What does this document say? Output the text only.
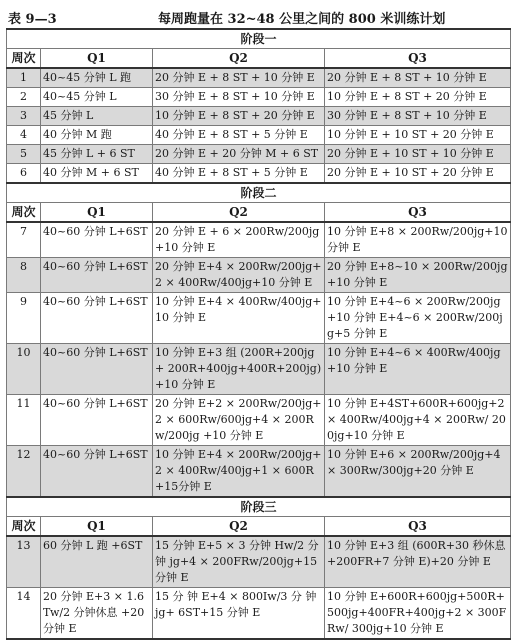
表 9—3	每周跑量在 32~48 公里之间的 800 米训练计划
阶段一			
周次	Q1	Q2	Q3
1	40~45 分钟 L 跑	20 分钟 E + 8 ST + 10 分钟 E	20 分钟 E + 8 ST + 10 分钟 E
2	40~45 分钟 L	30 分钟 E + 8 ST + 10 分钟 E	10 分钟 E + 8 ST + 20 分钟 E
3	45 分钟 L	10 分钟 E + 8 ST + 20 分钟 E	30 分钟 E + 8 ST + 10 分钟 E
4	40 分钟 M 跑	40 分钟 E + 8 ST + 5 分钟 E	10 分钟 E + 10 ST + 20 分钟 E
5	45 分钟 L + 6 ST	20 分钟 E + 20 分钟 M + 6 ST	20 分钟 E + 10 ST + 10 分钟 E
6	40 分钟 M + 6 ST	40 分钟 E + 8 ST + 5 分钟 E	20 分钟 E + 10 ST + 20 分钟 E
阶段二			
周次	Q1	Q2	Q3
7	40~60 分钟 L+6ST	20 分钟 E + 6 × 200Rw/200jg +10 分钟 E	10 分钟 E+8 × 200Rw/200jg+10 分钟 E
8	40~60 分钟 L+6ST	20 分钟 E+4 × 200Rw/200jg+2 × 400Rw/400jg+10 分钟 E	20 分钟 E+8~10 × 200Rw/200jg +10 分钟 E
9	40~60 分钟 L+6ST	10 分钟 E+4 × 400Rw/400jg+10 分钟 E	10 分钟 E+4~6 × 200Rw/200jg+10 分钟 E+4~6 × 200Rw/200jg+5 分钟 E
10	40~60 分钟 L+6ST	10 分钟 E+3 组 (200R+200jg+ 200R+400jg+400R+200jg)+10 分钟 E	10 分钟 E+4~6 × 400Rw/400jg+10 分钟 E
11	40~60 分钟 L+6ST	20 分钟 E+2 × 200Rw/200jg+2 × 600Rw/600jg+4 × 200Rw/200jg +10 分钟 E	10 分钟 E+4ST+600R+600jg+2 × 400Rw/400jg+4 × 200Rw/ 200jg+10 分钟 E
12	40~60 分钟 L+6ST	10 分钟 E+4 × 200Rw/200jg+2 × 400Rw/400jg+1 × 600R+15分钟 E	10 分钟 E+6 × 200Rw/200jg+4 × 300Rw/300jg+20 分钟 E
阶段三			
周次	Q1	Q2	Q3
13	60 分钟 L 跑 +6ST	15 分钟 E+5 × 3 分钟 Hw/2 分钟 jg+4 × 200FRw/200jg+15 分钟 E	10 分钟 E+3 组 (600R+30 秒休息 +200FR+7 分钟 E)+20 分钟 E
14	20 分钟 E+3 × 1.6Tw/2 分钟休息 +20 分钟 E	15 分 钟 E+4 × 800Iw/3 分 钟 jg+ 6ST+15 分钟 E	10 分钟 E+600R+600jg+500R+ 500jg+400FR+400jg+2 × 300FRw/ 300jg+10 分钟 E
